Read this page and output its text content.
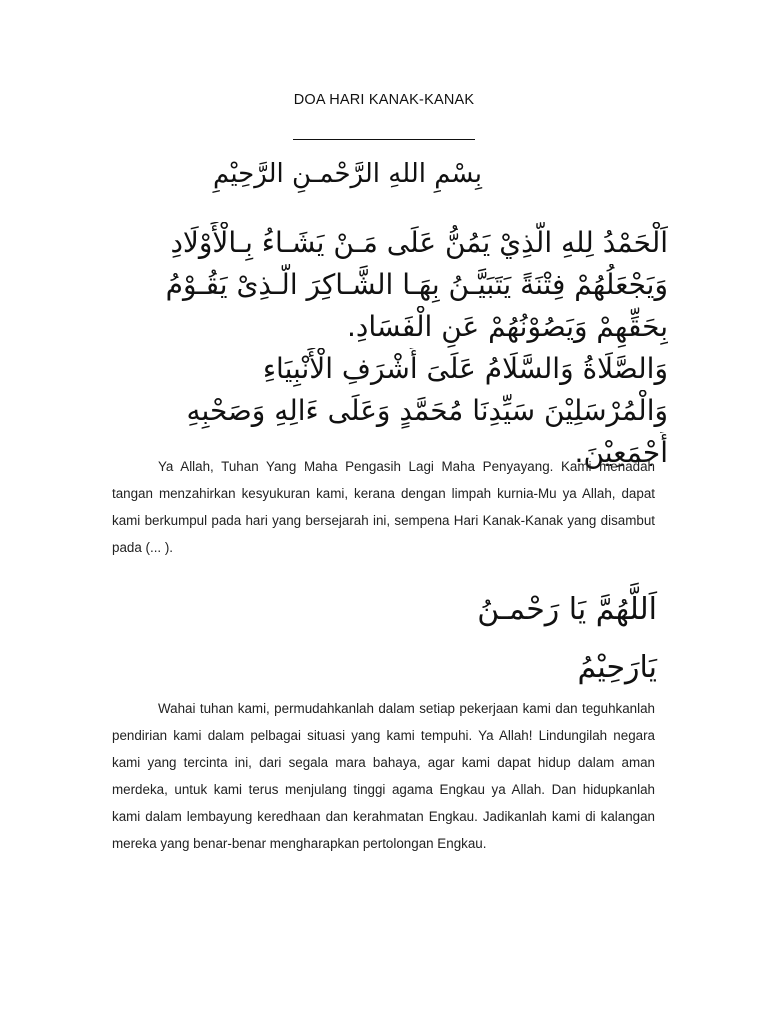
DOA HARI KANAK-KANAK
بِسْمِ اللهِ الرَّحْمـنِ الرَّحِيْمِ
اَلْحَمْدُ لِلهِ الَّذِيْ يَمُنُّ عَلَى مَـنْ يَشَـاءُ بِـالْأَوْلَادِ
وَيَجْعَلُهُمْ فِتْنَةً يَتَبَيَّـنُ بِهَـا الشَّـاكِرَ الَّـذِىْ يَقُـوْمُ
بِحَقِّهِمْ وَيَصُوْنُهُمْ عَنِ الْفَسَادِ.
وَالصَّلَاةُ وَالسَّلَامُ عَلَىَ أَشْرَفِ الْأَنْبِيَاءِ
وَالْمُرْسَلِيْنَ سَيِّدِنَا مُحَمَّدٍ وَعَلَى ءَالِهِ وَصَحْبِهِ
أَجْمَعِيْنَ.

Ya Allah, Tuhan Yang Maha Pengasih Lagi Maha Penyayang. Kami menadah tangan menzahirkan kesyukuran kami, kerana dengan limpah kurnia-Mu ya Allah, dapat kami berkumpul pada hari yang bersejarah ini, sempena Hari Kanak-Kanak yang disambut pada (... ).

اَللَّهُمَّ يَا رَحْمـنُ
يَارَحِيْمُ

Wahai tuhan kami, permudahkanlah dalam setiap pekerjaan kami dan teguhkanlah pendirian kami dalam pelbagai situasi yang kami tempuhi. Ya Allah! Lindungilah negara kami yang tercinta ini, dari segala mara bahaya, agar kami dapat hidup dalam aman merdeka, untuk kami terus menjulang tinggi agama Engkau ya Allah. Dan hidupkanlah kami dalam lembayung keredhaan dan kerahmatan Engkau. Jadikanlah kami di kalangan mereka yang benar-benar mengharapkan pertolongan Engkau.
